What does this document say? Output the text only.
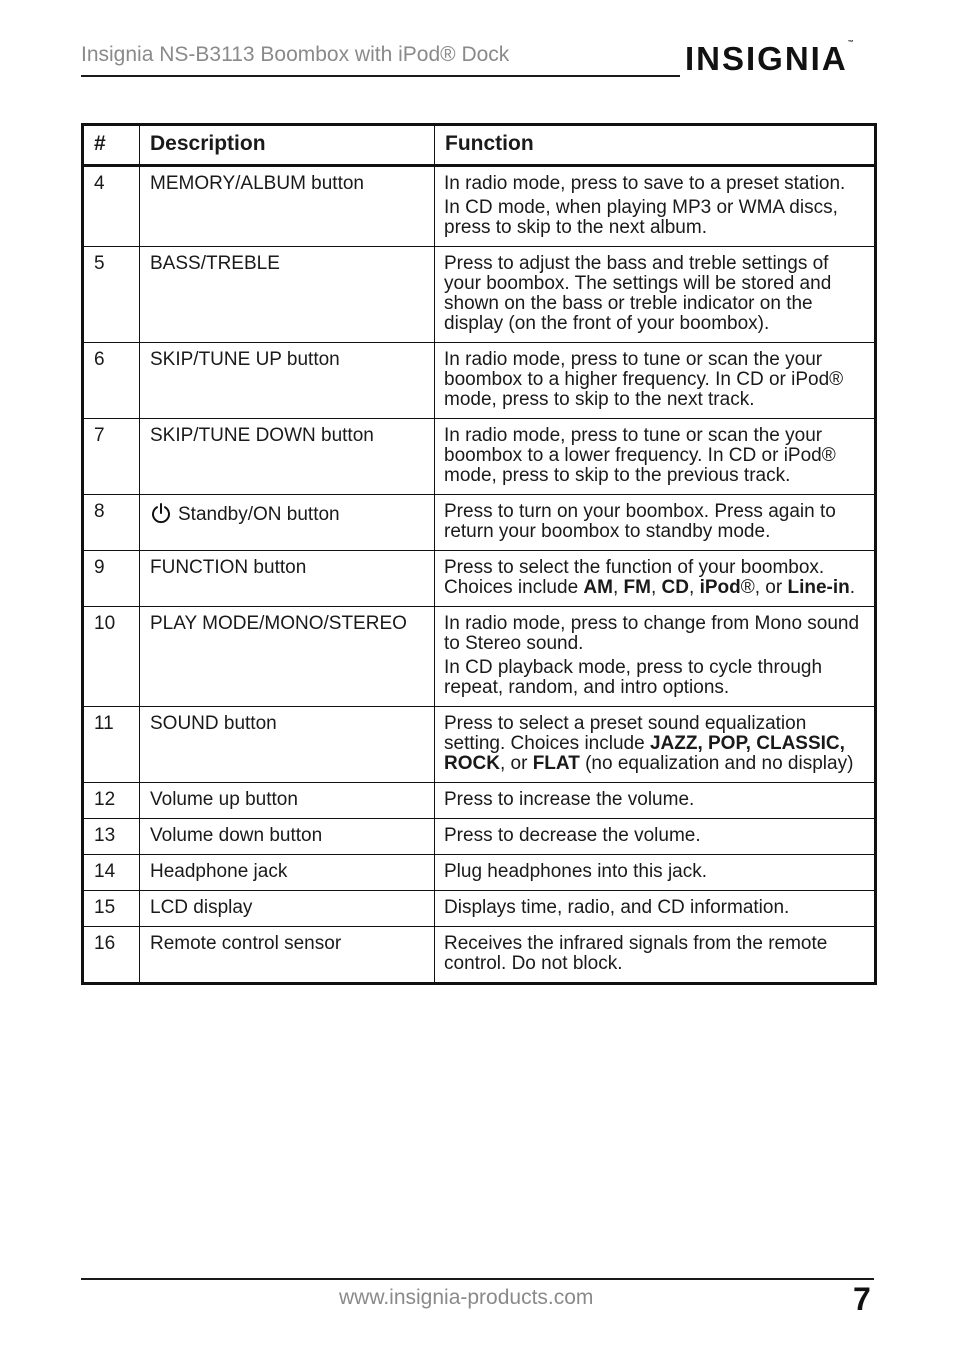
Insignia NS-B3113 Boombox with iPod® Dock	INSIGNIA™
#	Description	Function
4	MEMORY/ALBUM button	In radio mode, press to save to a preset station.
In CD mode, when playing MP3 or WMA discs, press to skip to the next album.

5	BASS/TREBLE	Press to adjust the bass and treble settings of your boombox. The settings will be stored and shown on the bass or treble indicator on the display (on the front of your boombox).

6	SKIP/TUNE UP button	In radio mode, press to tune or scan the your boombox to a higher frequency. In CD or iPod® mode, press to skip to the next track.

7	SKIP/TUNE DOWN button	In radio mode, press to tune or scan the your boombox to a lower frequency. In CD or iPod® mode, press to skip to the previous track.

8	Standby/ON button	Press to turn on your boombox. Press again to return your boombox to standby mode.

9	FUNCTION button	Press to select the function of your boombox. Choices include AM, FM, CD, iPod®, or Line-in.
10	PLAY MODE/MONO/STEREO	In radio mode, press to change from Mono sound to Stereo sound.
In CD playback mode, press to cycle through repeat, random, and intro options.

11	SOUND button	Press to select a preset sound equalization setting. Choices include JAZZ, POP, CLASSIC, ROCK, or FLAT (no equalization and no display)
12	Volume up button	Press to increase the volume.

13	Volume down button	Press to decrease the volume.

14	Headphone jack	Plug headphones into this jack.

15	LCD display	Displays time, radio, and CD information.

16	Remote control sensor	Receives the infrared signals from the remote control. Do not block.
www.insignia-products.com	7
